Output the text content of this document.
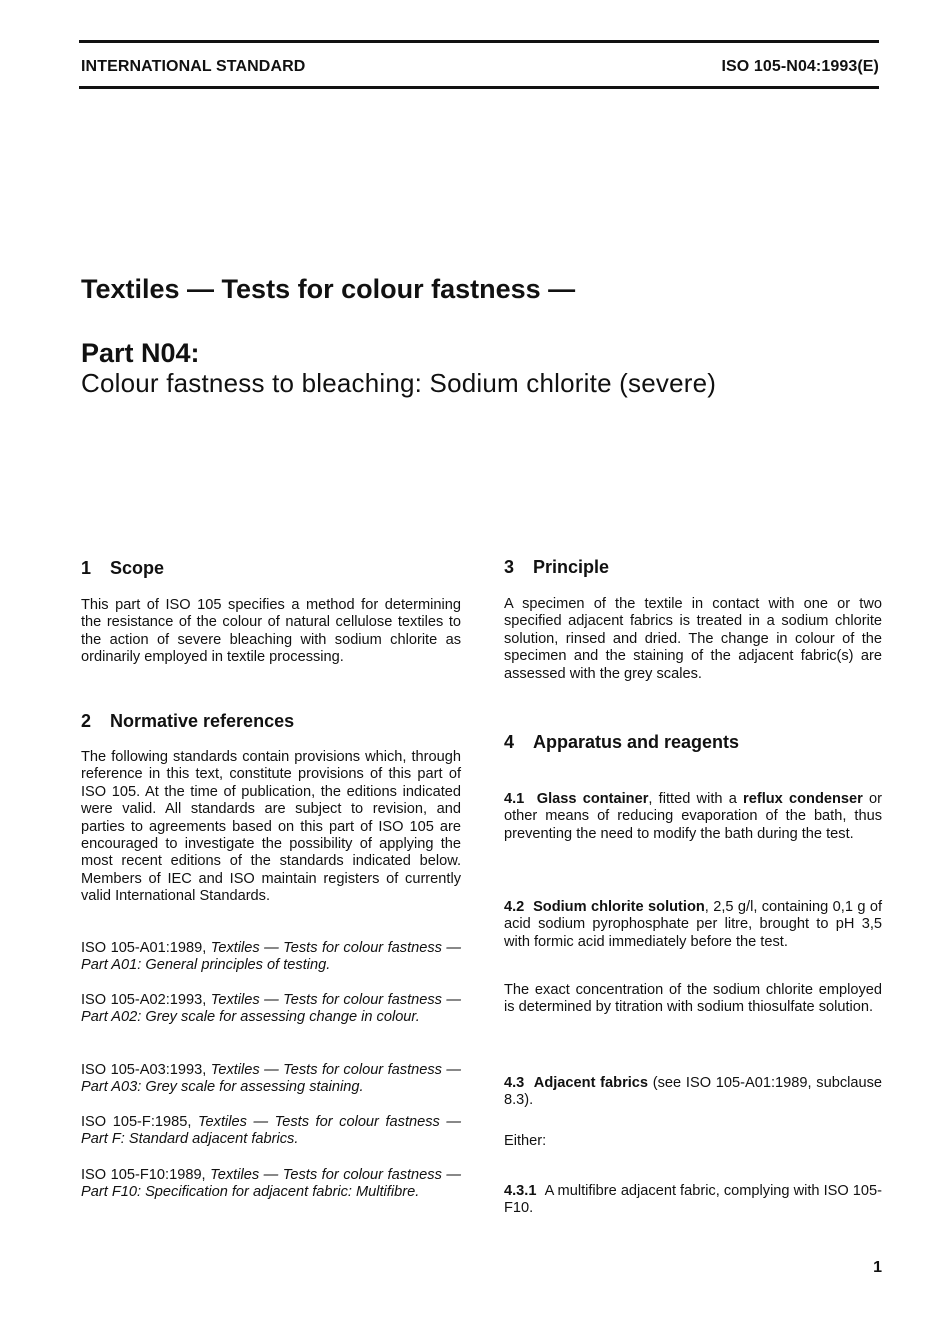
INTERNATIONAL STANDARD	ISO 105-N04:1993(E)
Textiles — Tests for colour fastness —
Part N04:
Colour fastness to bleaching: Sodium chlorite (severe)
1 Scope

This part of ISO 105 specifies a method for determining the resistance of the colour of natural cellulose textiles to the action of severe bleaching with sodium chlorite as ordinarily employed in textile processing.

2 Normative references

The following standards contain provisions which, through reference in this text, constitute provisions of this part of ISO 105. At the time of publication, the editions indicated were valid. All standards are subject to revision, and parties to agreements based on this part of ISO 105 are encouraged to investigate the possibility of applying the most recent editions of the standards indicated below. Members of IEC and ISO maintain registers of currently valid International Standards.

ISO 105-A01:1989, Textiles — Tests for colour fastness — Part A01: General principles of testing.

ISO 105-A02:1993, Textiles — Tests for colour fastness — Part A02: Grey scale for assessing change in colour.

ISO 105-A03:1993, Textiles — Tests for colour fastness — Part A03: Grey scale for assessing staining.

ISO 105-F:1985, Textiles — Tests for colour fastness — Part F: Standard adjacent fabrics.

ISO 105-F10:1989, Textiles — Tests for colour fastness — Part F10: Specification for adjacent fabric: Multifibre.

3 Principle

A specimen of the textile in contact with one or two specified adjacent fabrics is treated in a sodium chlorite solution, rinsed and dried. The change in colour of the specimen and the staining of the adjacent fabric(s) are assessed with the grey scales.

4 Apparatus and reagents

4.1 Glass container, fitted with a reflux condenser or other means of reducing evaporation of the bath, thus preventing the need to modify the bath during the test.

4.2 Sodium chlorite solution, 2,5 g/l, containing 0,1 g of acid sodium pyrophosphate per litre, brought to pH 3,5 with formic acid immediately before the test.

The exact concentration of the sodium chlorite employed is determined by titration with sodium thiosulfate solution.

4.3 Adjacent fabrics (see ISO 105-A01:1989, subclause 8.3).

Either:

4.3.1 A multifibre adjacent fabric, complying with ISO 105-F10.

1
